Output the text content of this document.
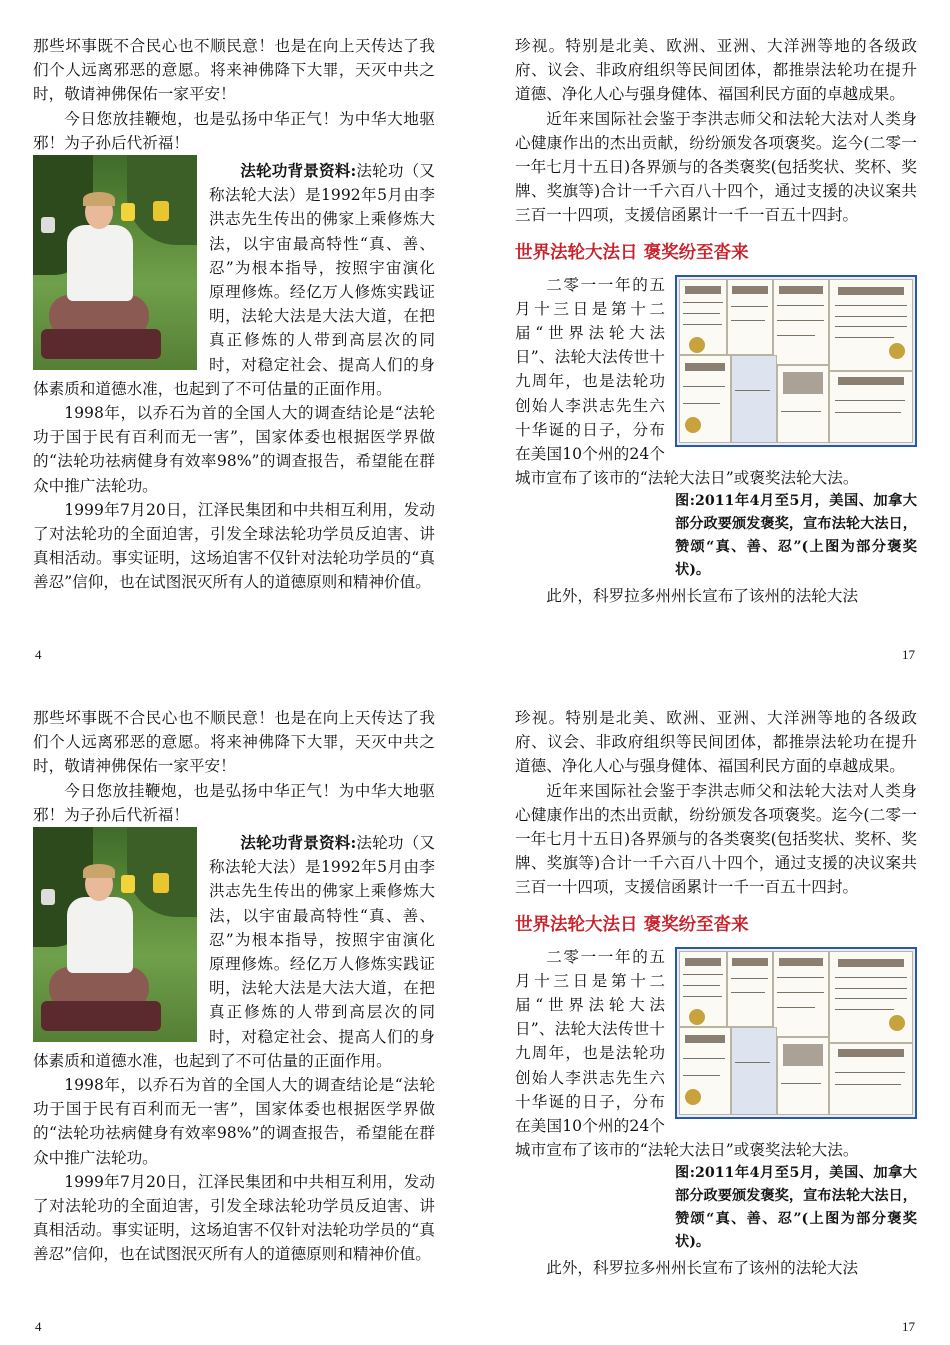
那些坏事既不合民心也不顺民意！也是在向上天传达了我们个人远离邪恶的意愿。将来神佛降下大罪，天灭中共之时，敬请神佛保佑一家平安！

今日您放挂鞭炮，也是弘扬中华正气！为中华大地驱邪！为子孙后代祈福！

法轮功背景资料:法轮功（又称法轮大法）是1992年5月由李洪志先生传出的佛家上乘修炼大法，以宇宙最高特性“真、善、忍”为根本指导，按照宇宙演化原理修炼。经亿万人修炼实践证明，法轮大法是大法大道，在把真正修炼的人带到高层次的同时，对稳定社会、提高人们的身体素质和道德水准，也起到了不可估量的正面作用。

1998年，以乔石为首的全国人大的调查结论是“法轮功于国于民有百利而无一害”，国家体委也根据医学界做的“法轮功祛病健身有效率98%”的调查报告，希望能在群众中推广法轮功。

1999年7月20日，江泽民集团和中共相互利用，发动了对法轮功的全面迫害，引发全球法轮功学员反迫害、讲真相活动。事实证明，这场迫害不仅针对法轮功学员的“真善忍”信仰，也在试图泯灭所有人的道德原则和精神价值。

珍视。特别是北美、欧洲、亚洲、大洋洲等地的各级政府、议会、非政府组织等民间团体，都推崇法轮功在提升道德、净化人心与强身健体、福国利民方面的卓越成果。

近年来国际社会鉴于李洪志师父和法轮大法对人类身心健康作出的杰出贡献，纷纷颁发各项褒奖。迄今(二零一一年七月十五日)各界颁与的各类褒奖(包括奖状、奖杯、奖牌、奖旗等)合计一千六百八十四个，通过支援的决议案共三百一十四项，支援信函累计一千一百五十四封。

世界法轮大法日 褒奖纷至沓来

二零一一年的五月十三日是第十二届“世界法轮大法日”、法轮大法传世十九周年，也是法轮功创始人李洪志先生六十华诞的日子，分布在美国10个州的24个城市宣布了该市的“法轮大法日”或褒奖法轮大法。

图:2011年4月至5月，美国、加拿大部分政要颁发褒奖，宣布法轮大法日，赞颂“真、善、忍”(上图为部分褒奖状)。

此外，科罗拉多州州长宣布了该州的法轮大法

4	17

那些坏事既不合民心也不顺民意！也是在向上天传达了我们个人远离邪恶的意愿。将来神佛降下大罪，天灭中共之时，敬请神佛保佑一家平安！

今日您放挂鞭炮，也是弘扬中华正气！为中华大地驱邪！为子孙后代祈福！

法轮功背景资料:法轮功（又称法轮大法）是1992年5月由李洪志先生传出的佛家上乘修炼大法，以宇宙最高特性“真、善、忍”为根本指导，按照宇宙演化原理修炼。经亿万人修炼实践证明，法轮大法是大法大道，在把真正修炼的人带到高层次的同时，对稳定社会、提高人们的身体素质和道德水准，也起到了不可估量的正面作用。

1998年，以乔石为首的全国人大的调查结论是“法轮功于国于民有百利而无一害”，国家体委也根据医学界做的“法轮功祛病健身有效率98%”的调查报告，希望能在群众中推广法轮功。

1999年7月20日，江泽民集团和中共相互利用，发动了对法轮功的全面迫害，引发全球法轮功学员反迫害、讲真相活动。事实证明，这场迫害不仅针对法轮功学员的“真善忍”信仰，也在试图泯灭所有人的道德原则和精神价值。

珍视。特别是北美、欧洲、亚洲、大洋洲等地的各级政府、议会、非政府组织等民间团体，都推崇法轮功在提升道德、净化人心与强身健体、福国利民方面的卓越成果。

近年来国际社会鉴于李洪志师父和法轮大法对人类身心健康作出的杰出贡献，纷纷颁发各项褒奖。迄今(二零一一年七月十五日)各界颁与的各类褒奖(包括奖状、奖杯、奖牌、奖旗等)合计一千六百八十四个，通过支援的决议案共三百一十四项，支援信函累计一千一百五十四封。

世界法轮大法日 褒奖纷至沓来

二零一一年的五月十三日是第十二届“世界法轮大法日”、法轮大法传世十九周年，也是法轮功创始人李洪志先生六十华诞的日子，分布在美国10个州的24个城市宣布了该市的“法轮大法日”或褒奖法轮大法。

图:2011年4月至5月，美国、加拿大部分政要颁发褒奖，宣布法轮大法日，赞颂“真、善、忍”(上图为部分褒奖状)。

此外，科罗拉多州州长宣布了该州的法轮大法

4	17
